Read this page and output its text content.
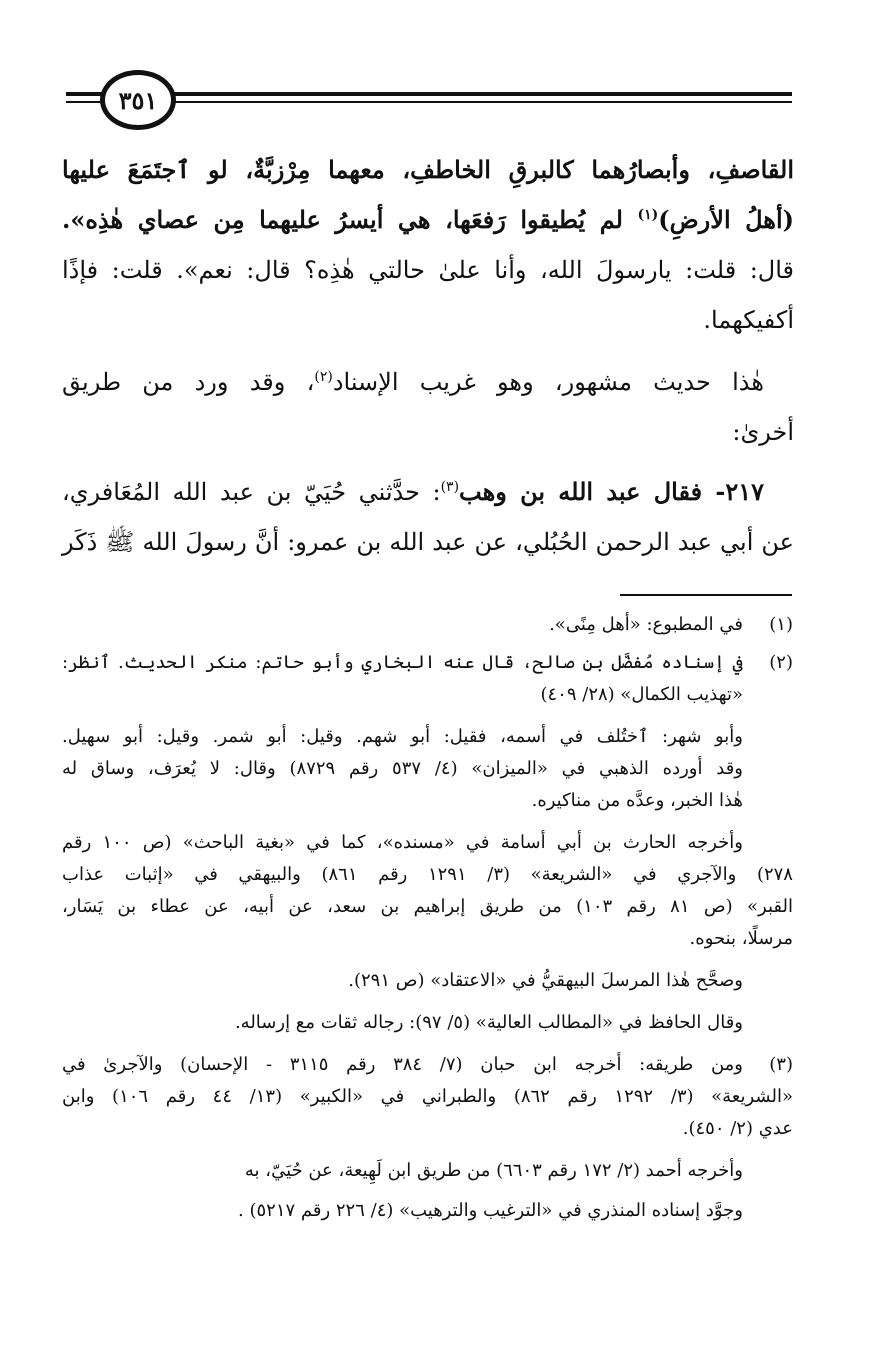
٣٥١
القاصفِ، وأبصارُهما كالبرقِ الخاطفِ، معهما مِرْزبَّةٌ، لو ٱجتَمَعَ عليها
(أهلُ الأرضِ)$^{(١)}$ لم يُطيقوا رَفعَها، هي أيسرُ عليهما مِن عصاي هٰذِه».
قال: قلت: يارسولَ الله، وأنا علىٰ حالتي هٰذِه؟ قال: نعم». قلت: فإذًا
أكفيكهما.
هٰذا حديث مشهور، وهو غريب الإسناد$^{(٢)}$، وقد ورد من طريق
أخرىٰ:
٢١٧- فقال عبد الله بن وهب$^{(٣)}$: حدَّثني حُيَيّ بن عبد الله المُعَافري،
عن أبي عبد الرحمن الحُبُلي، عن عبد الله بن عمرو: أنَّ رسولَ الله ﷺ ذَكَر
(١)
في المطبوع: «أهل مِنًى».
(٢)
في إسناده مُفضَّل بن صالح، قال عنه البخاري وأبو حاتم: منكر الحديث. ٱنظر:
«تهذيب الكمال» (٢٨/ ٤٠٩)
وأبو شهر: ٱختُلف في أسمه، فقيل: أبو شهم. وقيل: أبو شمر. وقيل: أبو سهيل.
وقد أورده الذهبي في «الميزان» (٤/ ٥٣٧ رقم ٨٧٢٩) وقال: لا يُعرَف، وساق له
هٰذا الخبر، وعدَّه من مناكيره.
وأخرجه الحارث بن أبي أسامة في «مسنده»، كما في «بغية الباحث» (ص ١٠٠ رقم
٢٧٨) والآجري في «الشريعة» (٣/ ١٢٩١ رقم ٨٦١) والبيهقي في «إثبات عذاب
القبر» (ص ٨١ رقم ١٠٣) من طريق إبراهيم بن سعد، عن أبيه، عن عطاء بن يَسَار،
مرسلًا، بنحوه.
وصحَّح هٰذا المرسلَ البيهقيُّ في «الاعتقاد» (ص ٢٩١).
وقال الحافظ في «المطالب العالية» (٥/ ٩٧): رجاله ثقات مع إرساله.
(٣)
ومن طريقه: أخرجه ابن حبان (٧/ ٣٨٤ رقم ٣١١٥ - الإحسان) والآجرىٰ في
«الشريعة» (٣/ ١٢٩٢ رقم ٨٦٢) والطبراني في «الكبير» (١٣/ ٤٤ رقم ١٠٦) وابن
عدي (٢/ ٤٥٠).
وأخرجه أحمد (٢/ ١٧٢ رقم ٦٦٠٣) من طريق ابن لَهِيعة، عن حُيَيّ، به
وجوَّد إسناده المنذري في «الترغيب والترهيب» (٤/ ٢٢٦ رقم ٥٢١٧) .
